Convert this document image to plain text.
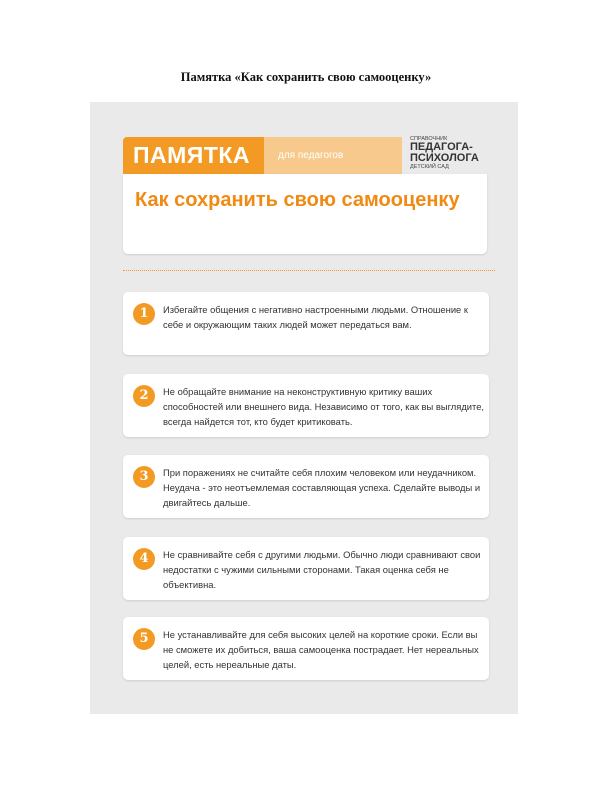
Памятка «Как сохранить свою самооценку»
ПАМЯТКА	для педагогов
СПРАВОЧНИК
ПЕДАГОГА-
ПСИХОЛОГА
ДЕТСКИЙ САД
Как сохранить свою самооценку
1	Избегайте общения с негативно настроенными людьми. Отношение к себе и окружающим таких людей может передаться вам.
2	Не обращайте внимание на неконструктивную критику ваших способностей или внешнего вида. Независимо от того, как вы выглядите, всегда найдется тот, кто будет критиковать.
3	При поражениях не считайте себя плохим человеком или неудачником. Неудача - это неотъемлемая составляющая успеха. Сделайте выводы и двигайтесь дальше.
4	Не сравнивайте себя с другими людьми. Обычно люди сравнивают свои недостатки с чужими сильными сторонами. Такая оценка себя не объективна.
5	Не устанавливайте для себя высоких целей на короткие сроки. Если вы не сможете их добиться, ваша самооценка пострадает. Нет нереальных целей, есть нереальные даты.
